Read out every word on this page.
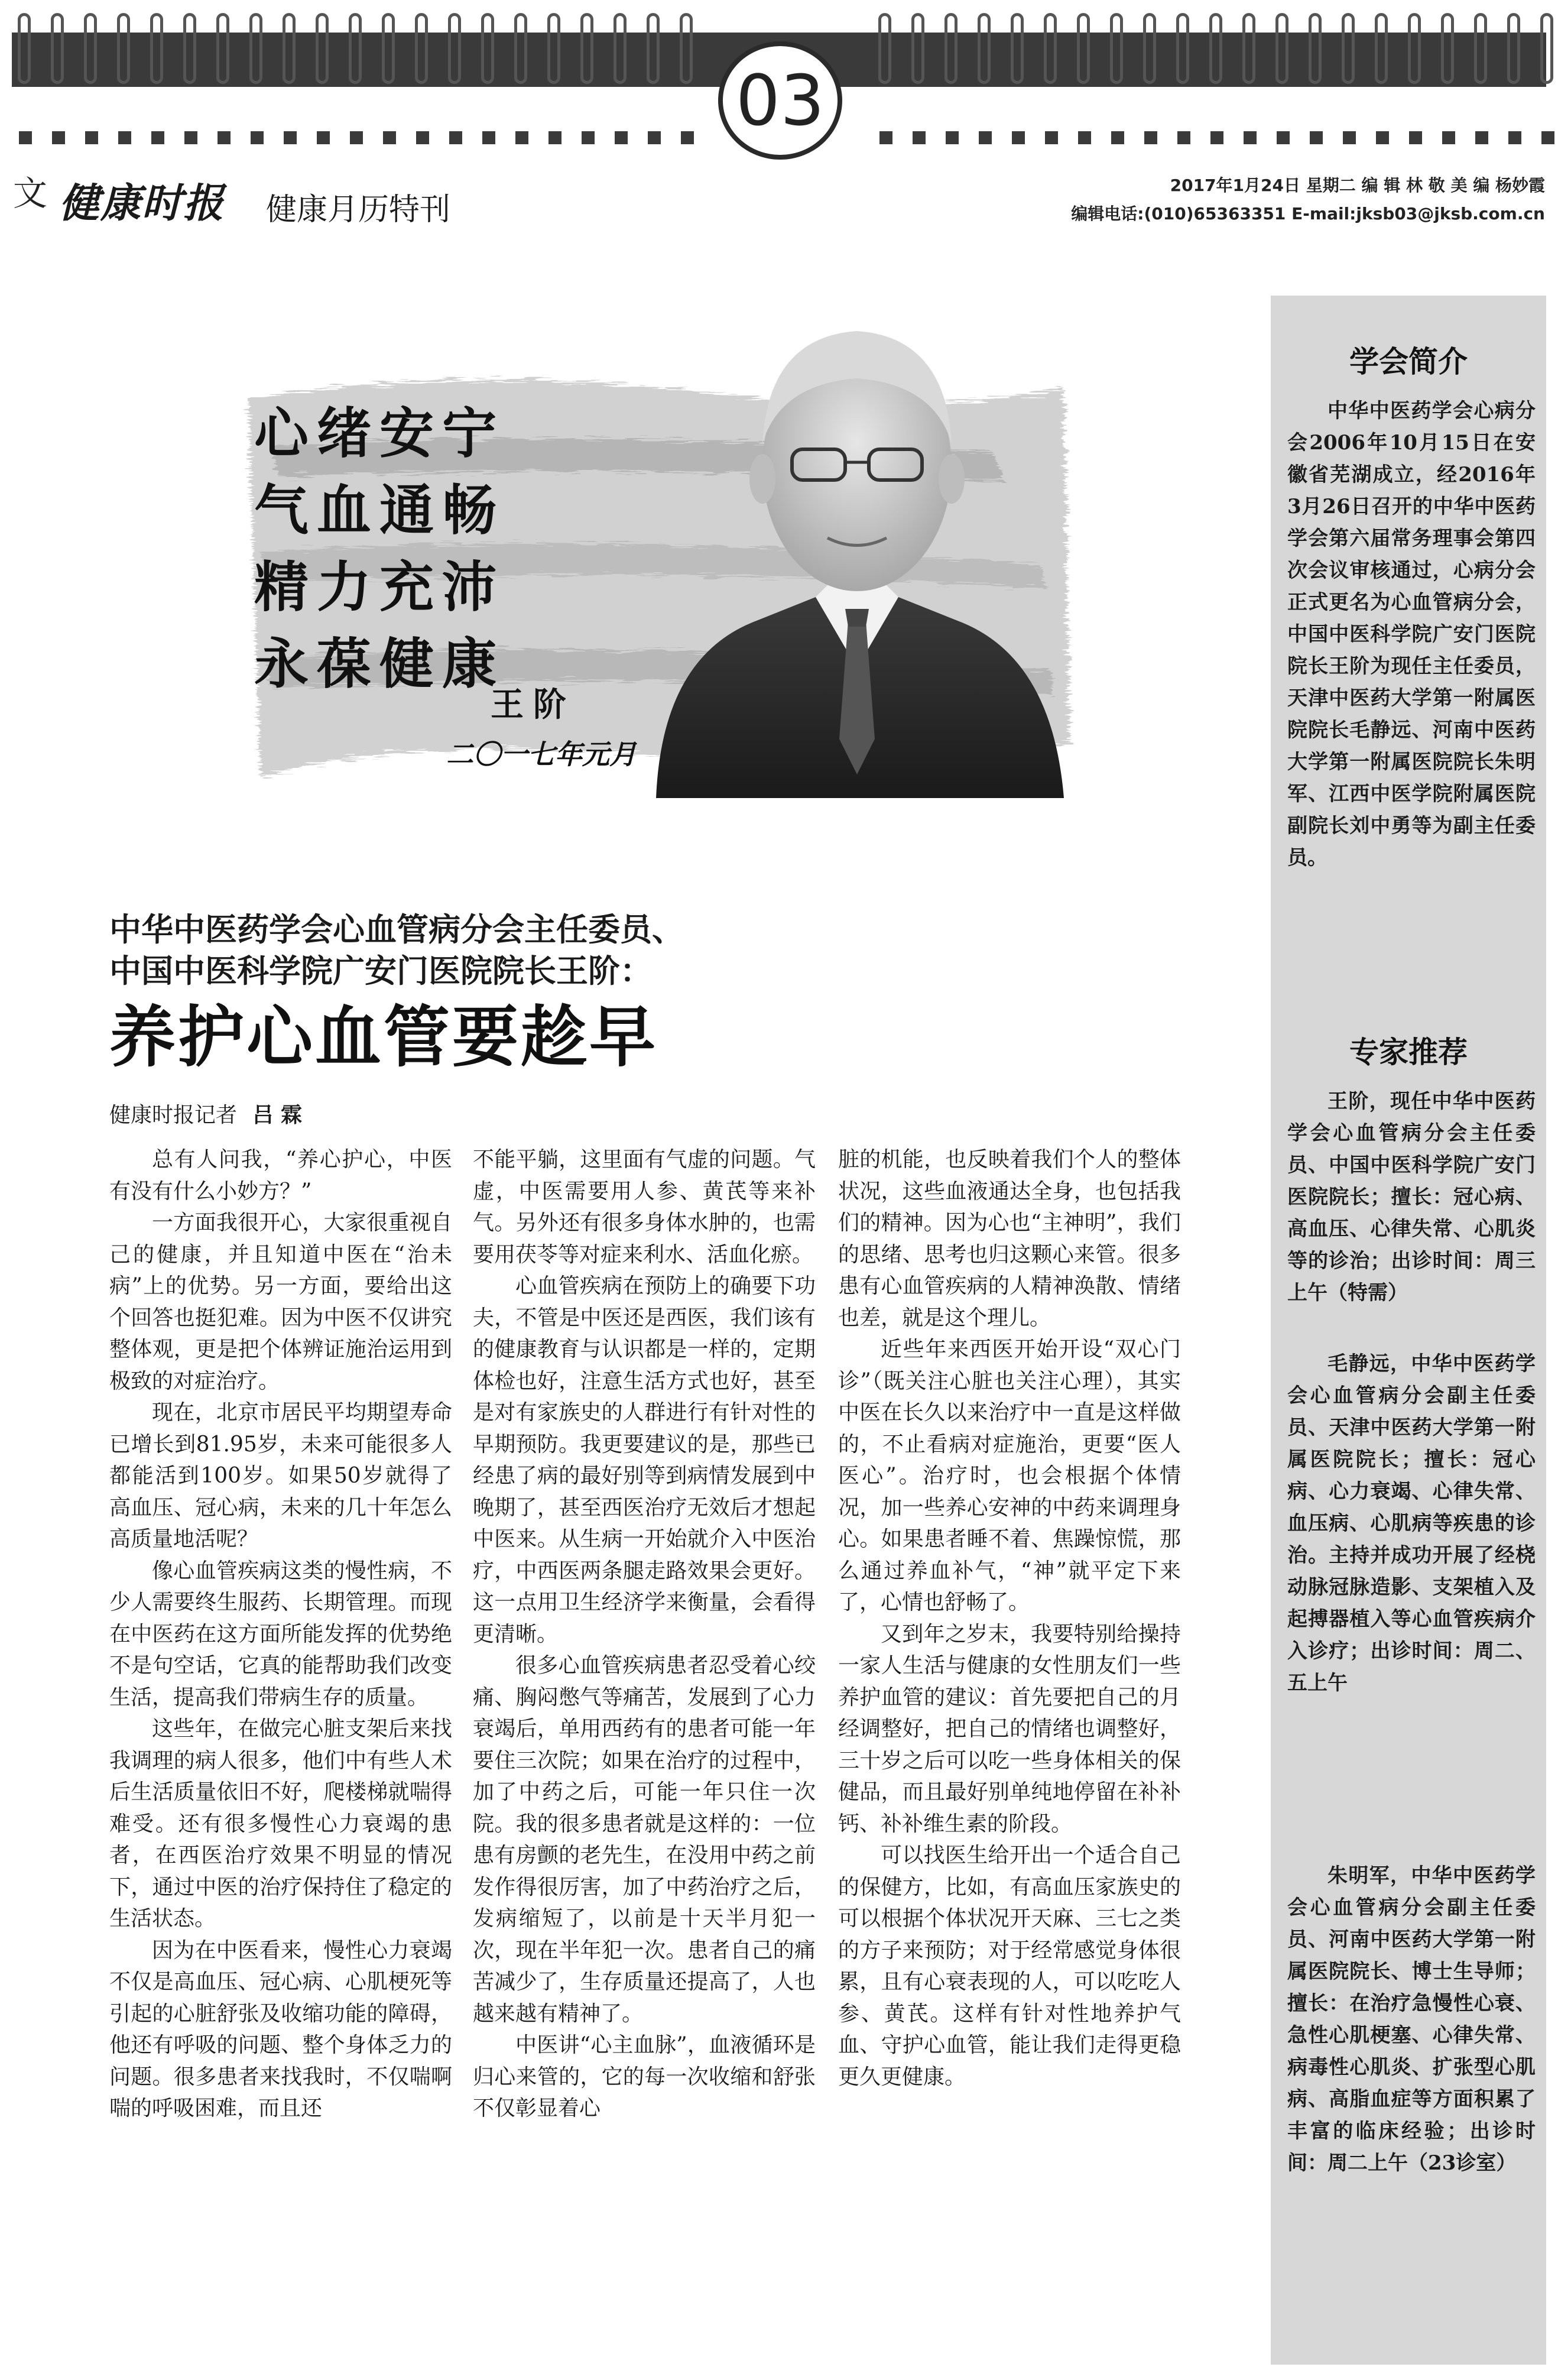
03
文 健康时报 健康月历特刊
2017年1月24日 星期二 编 辑 林 敬 美 编 杨妙霞
编辑电话:(010)65363351 E-mail:jksb03@jksb.com.cn
心绪安宁
气血通畅
精力充沛
永葆健康
王阶
二〇一七年元月
学会简介

中华中医药学会心病分会2006年10月15日在安徽省芜湖成立，经2016年3月26日召开的中华中医药学会第六届常务理事会第四次会议审核通过，心病分会正式更名为心血管病分会，中国中医科学院广安门医院院长王阶为现任主任委员，天津中医药大学第一附属医院院长毛静远、河南中医药大学第一附属医院院长朱明军、江西中医学院附属医院副院长刘中勇等为副主任委员。

专家推荐

王阶，现任中华中医药学会心血管病分会主任委员、中国中医科学院广安门医院院长；擅长：冠心病、高血压、心律失常、心肌炎等的诊治；出诊时间：周三上午（特需）

毛静远，中华中医药学会心血管病分会副主任委员、天津中医药大学第一附属医院院长；擅长：冠心病、心力衰竭、心律失常、血压病、心肌病等疾患的诊治。主持并成功开展了经桡动脉冠脉造影、支架植入及起搏器植入等心血管疾病介入诊疗；出诊时间：周二、五上午

朱明军，中华中医药学会心血管病分会副主任委员、河南中医药大学第一附属医院院长、博士生导师；擅长：在治疗急慢性心衰、急性心肌梗塞、心律失常、病毒性心肌炎、扩张型心肌病、高脂血症等方面积累了丰富的临床经验；出诊时间：周二上午（23诊室）

中华中医药学会心血管病分会主任委员、
中国中医科学院广安门医院院长王阶：
养护心血管要趁早
健康时报记者 吕霖

总有人问我，“养心护心，中医有没有什么小妙方？”

一方面我很开心，大家很重视自己的健康，并且知道中医在“治未病”上的优势。另一方面，要给出这个回答也挺犯难。因为中医不仅讲究整体观，更是把个体辨证施治运用到极致的对症治疗。

现在，北京市居民平均期望寿命已增长到81.95岁，未来可能很多人都能活到100岁。如果50岁就得了高血压、冠心病，未来的几十年怎么高质量地活呢？

像心血管疾病这类的慢性病，不少人需要终生服药、长期管理。而现在中医药在这方面所能发挥的优势绝不是句空话，它真的能帮助我们改变生活，提高我们带病生存的质量。

这些年，在做完心脏支架后来找我调理的病人很多，他们中有些人术后生活质量依旧不好，爬楼梯就喘得难受。还有很多慢性心力衰竭的患者，在西医治疗效果不明显的情况下，通过中医的治疗保持住了稳定的生活状态。

因为在中医看来，慢性心力衰竭不仅是高血压、冠心病、心肌梗死等引起的心脏舒张及收缩功能的障碍，他还有呼吸的问题、整个身体乏力的问题。很多患者来找我时，不仅喘啊喘的呼吸困难，而且还

不能平躺，这里面有气虚的问题。气虚，中医需要用人参、黄芪等来补气。另外还有很多身体水肿的，也需要用茯苓等对症来利水、活血化瘀。

心血管疾病在预防上的确要下功夫，不管是中医还是西医，我们该有的健康教育与认识都是一样的，定期体检也好，注意生活方式也好，甚至是对有家族史的人群进行有针对性的早期预防。我更要建议的是，那些已经患了病的最好别等到病情发展到中晚期了，甚至西医治疗无效后才想起中医来。从生病一开始就介入中医治疗，中西医两条腿走路效果会更好。这一点用卫生经济学来衡量，会看得更清晰。

很多心血管疾病患者忍受着心绞痛、胸闷憋气等痛苦，发展到了心力衰竭后，单用西药有的患者可能一年要住三次院；如果在治疗的过程中，加了中药之后，可能一年只住一次院。我的很多患者就是这样的：一位患有房颤的老先生，在没用中药之前发作得很厉害，加了中药治疗之后，发病缩短了，以前是十天半月犯一次，现在半年犯一次。患者自己的痛苦减少了，生存质量还提高了，人也越来越有精神了。

中医讲“心主血脉”，血液循环是归心来管的，它的每一次收缩和舒张不仅彰显着心

脏的机能，也反映着我们个人的整体状况，这些血液通达全身，也包括我们的精神。因为心也“主神明”，我们的思绪、思考也归这颗心来管。很多患有心血管疾病的人精神涣散、情绪也差，就是这个理儿。

近些年来西医开始开设“双心门诊”（既关注心脏也关注心理），其实中医在长久以来治疗中一直是这样做的，不止看病对症施治，更要“医人医心”。治疗时，也会根据个体情况，加一些养心安神的中药来调理身心。如果患者睡不着、焦躁惊慌，那么通过养血补气，“神”就平定下来了，心情也舒畅了。

又到年之岁末，我要特别给操持一家人生活与健康的女性朋友们一些养护血管的建议：首先要把自己的月经调整好，把自己的情绪也调整好，三十岁之后可以吃一些身体相关的保健品，而且最好别单纯地停留在补补钙、补补维生素的阶段。

可以找医生给开出一个适合自己的保健方，比如，有高血压家族史的可以根据个体状况开天麻、三七之类的方子来预防；对于经常感觉身体很累，且有心衰表现的人，可以吃吃人参、黄芪。这样有针对性地养护气血、守护心血管，能让我们走得更稳更久更健康。
